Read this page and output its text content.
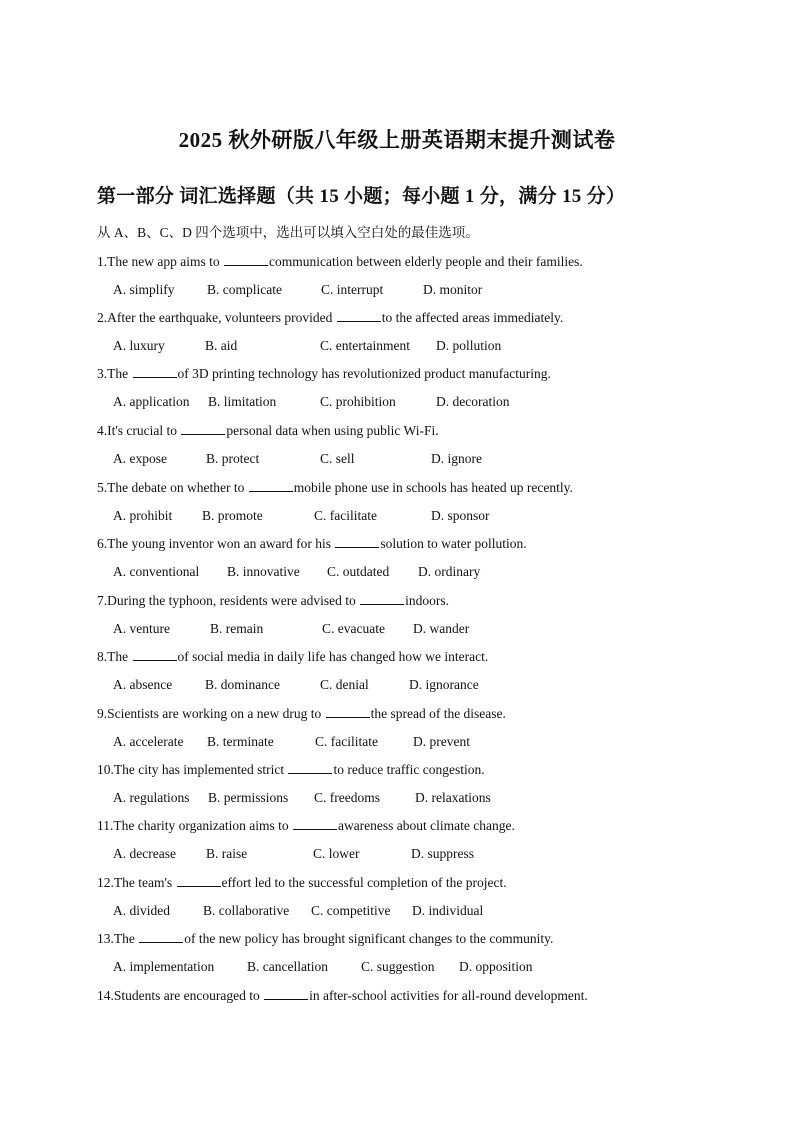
2025 秋外研版八年级上册英语期末提升测试卷
第一部分 词汇选择题（共 15 小题；每小题 1 分，满分 15 分）
从 A、B、C、D 四个选项中，选出可以填入空白处的最佳选项。
1.The new app aims to	communication between elderly people and their families.
A. simplify B. complicate	C. interrupt	D. monitor
2.After the earthquake, volunteers provided	to the affected areas immediately.
A. luxury	B. aid	C. entertainment D. pollution
3.The	of 3D printing technology has revolutionized product manufacturing.
A. application B. limitation	C. prohibition	D. decoration
4.It's crucial to	personal data when using public Wi-Fi.
A. expose	B. protect	C. sell	D. ignore
5.The debate on whether to	mobile phone use in schools has heated up recently.
A. prohibit B. promote	C. facilitate	D. sponsor
6.The young inventor won an award for his	solution to water pollution.
A. conventional B. innovative C. outdated D. ordinary
7.During the typhoon, residents were advised to	indoors.
A. venture	B. remain	C. evacuate D. wander
8.The	of social media in daily life has changed how we interact.
A. absence B. dominance	C. denial	D. ignorance
9.Scientists are working on a new drug to	the spread of the disease.
A. accelerate B. terminate	C. facilitate	D. prevent
10.The city has implemented strict	to reduce traffic congestion.
A. regulations B. permissions C. freedoms	D. relaxations
11.The charity organization aims to	awareness about climate change.
A. decrease B. raise	C. lower	D. suppress
12.The team's	effort led to the successful completion of the project.
A. divided B. collaborative C. competitive D. individual
13.The	of the new policy has brought significant changes to the community.
A. implementation B. cancellation C. suggestion D. opposition
14.Students are encouraged to	in after-school activities for all-round development.
